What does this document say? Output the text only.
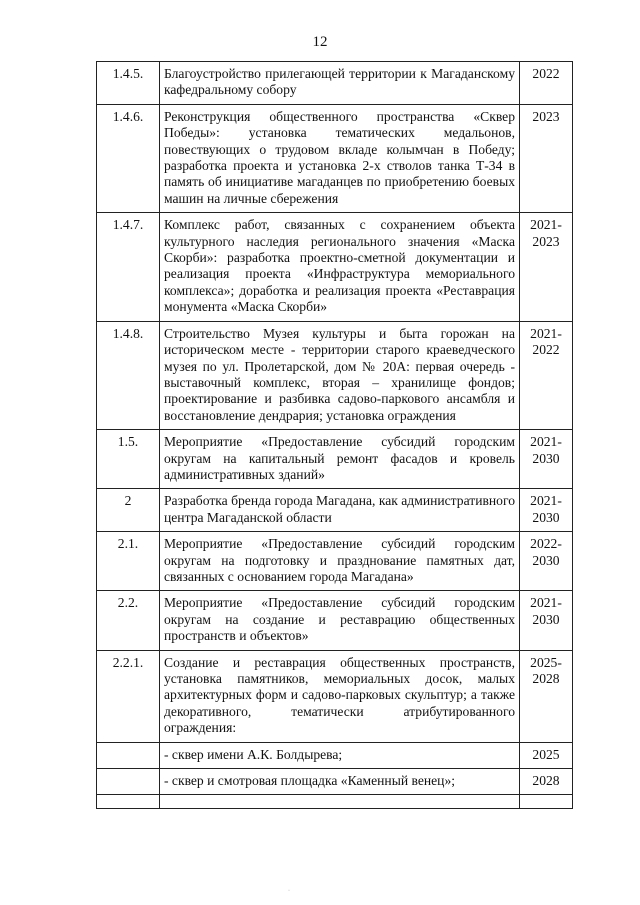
12
1.4.5.	Благоустройство прилегающей территории к Магаданскому кафедральному собору	2022
1.4.6.	Реконструкция общественного пространства «Сквер Победы»: установка тематических медальонов, повествующих о трудовом вкладе колымчан в Победу; разработка проекта и установка 2-х стволов танка Т-34 в память об инициативе магаданцев по приобретению боевых машин на личные сбережения	2023
1.4.7.	Комплекс работ, связанных с сохранением объекта культурного наследия регионального значения «Маска Скорби»: разработка проектно-сметной документации и реализация проекта «Инфраструктура мемориального комплекса»; доработка и реализация проекта «Реставрация монумента «Маска Скорби»	2021-2023
1.4.8.	Строительство Музея культуры и быта горожан на историческом месте - территории старого краеведческого музея по ул. Пролетарской, дом № 20А: первая очередь - выставочный комплекс, вторая – хранилище фондов; проектирование и разбивка садово-паркового ансамбля и восстановление дендрария; установка ограждения	2021-2022
1.5.	Мероприятие «Предоставление субсидий городским округам на капитальный ремонт фасадов и кровель административных зданий»	2021-2030
2	Разработка бренда города Магадана, как административного центра Магаданской области	2021-2030
2.1.	Мероприятие «Предоставление субсидий городским округам на подготовку и празднование памятных дат, связанных с основанием города Магадана»	2022-2030
2.2.	Мероприятие «Предоставление субсидий городским округам на создание и реставрацию общественных пространств и объектов»	2021-2030
2.2.1.	Создание и реставрация общественных пространств, установка памятников, мемориальных досок, малых архитектурных форм и садово-парковых скульптур; а также декоративного, тематически атрибутированного ограждения:	2025-2028
	- сквер имени А.К. Болдырева;	2025
	- сквер и смотровая площадка «Каменный венец»;	2028

·
